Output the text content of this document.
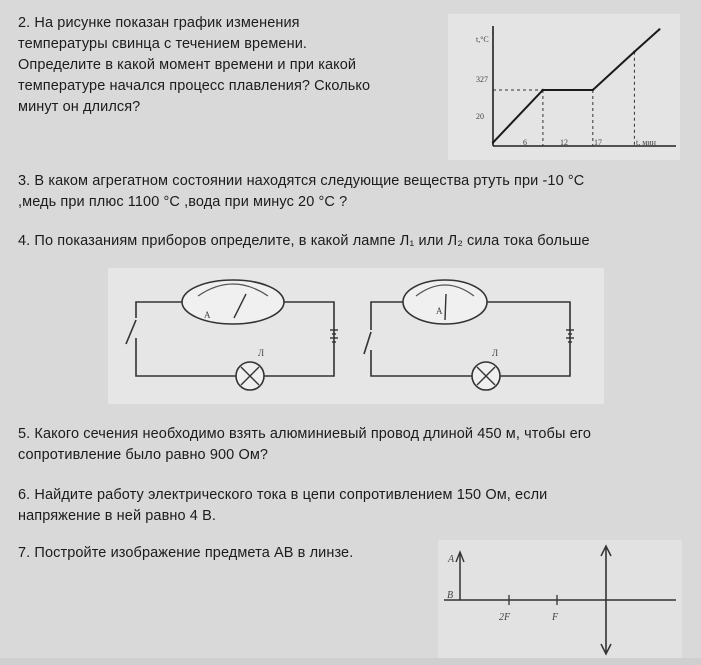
2. На рисунке показан график изменения
температуры свинца с течением времени.
Определите в какой момент времени и при какой
температуре начался процесс плавления? Сколько
минут он длился?
t,°C
t, мин
327
20
6	12	17
3. В каком агрегатном состоянии находятся следующие вещества ртуть при -10 °С
,медь при плюс 1100 °С ,вода при минус 20 °С ?
4. По показаниям приборов определите, в какой лампе Л₁ или Л₂ сила тока больше
А
Л
А
Л
5. Какого сечения необходимо взять алюминиевый провод длиной 450 м, чтобы его
сопротивление было равно 900 Ом?
6. Найдите работу электрического тока в цепи сопротивлением 150 Ом, если
напряжение в ней равно 4 В.
7. Постройте изображение предмета АВ в линзе.	A
B
2F	F
